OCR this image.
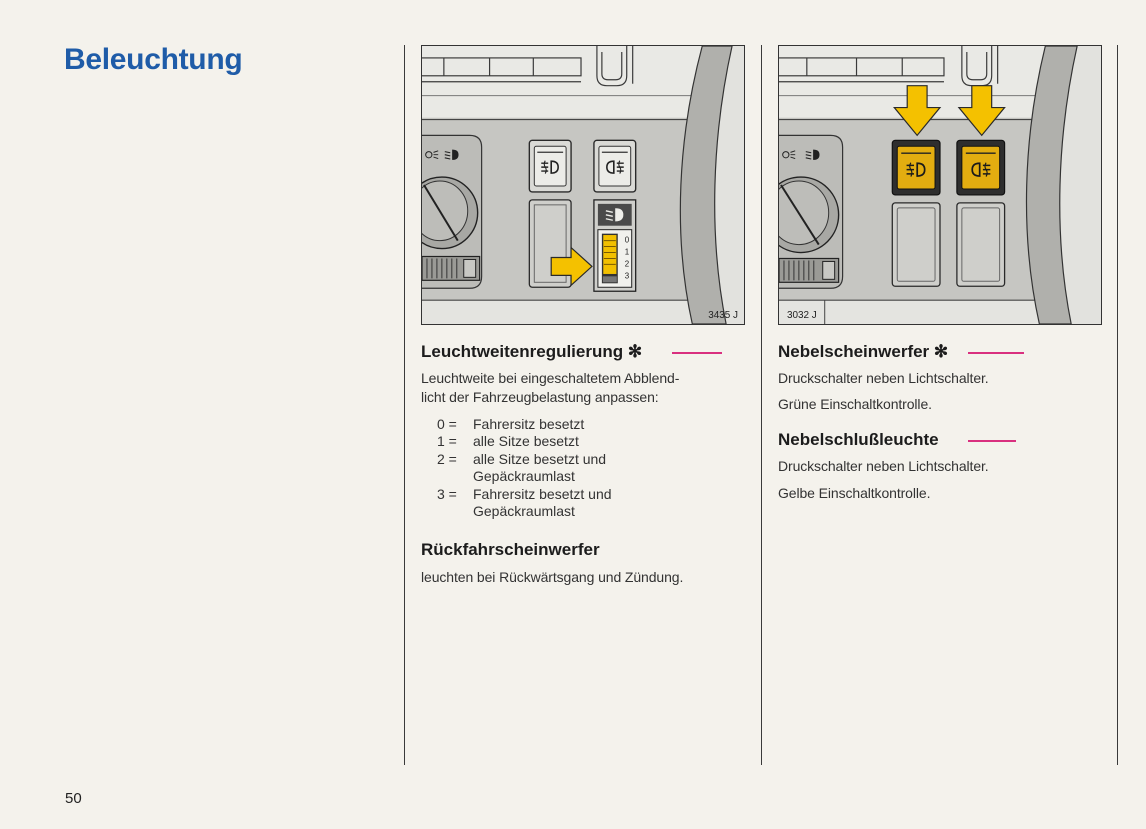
Beleuchtung
0
1
2
3
3435 J	3032 J
Leuchtweitenregulierung ✻
Leuchtweite bei eingeschaltetem Abblend-
licht der Fahrzeugbelastung anpassen:
0 = Fahrersitz besetzt
1 = alle Sitze besetzt
2 = alle Sitze besetzt und
Gepäckraumlast
3 = Fahrersitz besetzt und
Gepäckraumlast
Rückfahrscheinwerfer
leuchten bei Rückwärtsgang und Zündung.
Nebelscheinwerfer ✻
Druckschalter neben Lichtschalter.
Grüne Einschaltkontrolle.
Nebelschlußleuchte
Druckschalter neben Lichtschalter.
Gelbe Einschaltkontrolle.
50
